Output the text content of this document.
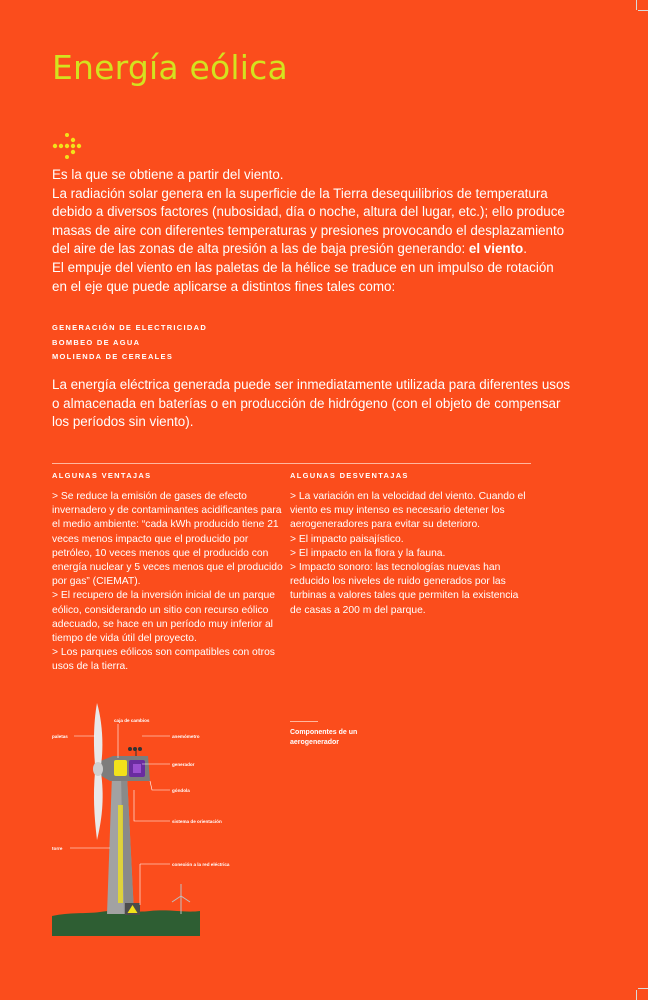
Energía eólica

Es la que se obtiene a partir del viento.

La radiación solar genera en la superficie de la Tierra desequilibrios de temperatura debido a diversos factores (nubosidad, día o noche, altura del lugar, etc.); ello produce masas de aire con diferentes temperaturas y presiones provocando el desplazamiento del aire de las zonas de alta presión a las de baja presión generando: el viento.

El empuje del viento en las paletas de la hélice se traduce en un impulso de rotación en el eje que puede aplicarse a distintos fines tales como:

GENERACIÓN DE ELECTRICIDAD
BOMBEO DE AGUA
MOLIENDA DE CEREALES

La energía eléctrica generada puede ser inmediatamente utilizada para diferentes usos o almacenada en baterías o en producción de hidrógeno (con el objeto de compensar los períodos sin viento).

ALGUNAS VENTAJAS

> Se reduce la emisión de gases de efecto invernadero y de contaminantes acidificantes para el medio ambiente: “cada kWh producido tiene 21 veces menos impacto que el producido por petróleo, 10 veces menos que el producido con energía nuclear y 5 veces menos que el producido por gas” (CIEMAT).

> El recupero de la inversión inicial de un parque eólico, considerando un sitio con recurso eólico adecuado, se hace en un período muy inferior al tiempo de vida útil del proyecto.

> Los parques eólicos son compatibles con otros usos de la tierra.

ALGUNAS DESVENTAJAS

> La variación en la velocidad del viento. Cuando el viento es muy intenso es necesario detener los aerogeneradores para evitar su deterioro.

> El impacto paisajístico.

> El impacto en la flora y la fauna.

> Impacto sonoro: las tecnologías nuevas han reducido los niveles de ruido generados por las turbinas a valores tales que permiten la existencia de casas a 200 m del parque.

paletas
caja de cambios
anemómetro
generador
góndola
sistema de orientación
torre
conexión a la red eléctrica

Componentes de un aerogenerador
